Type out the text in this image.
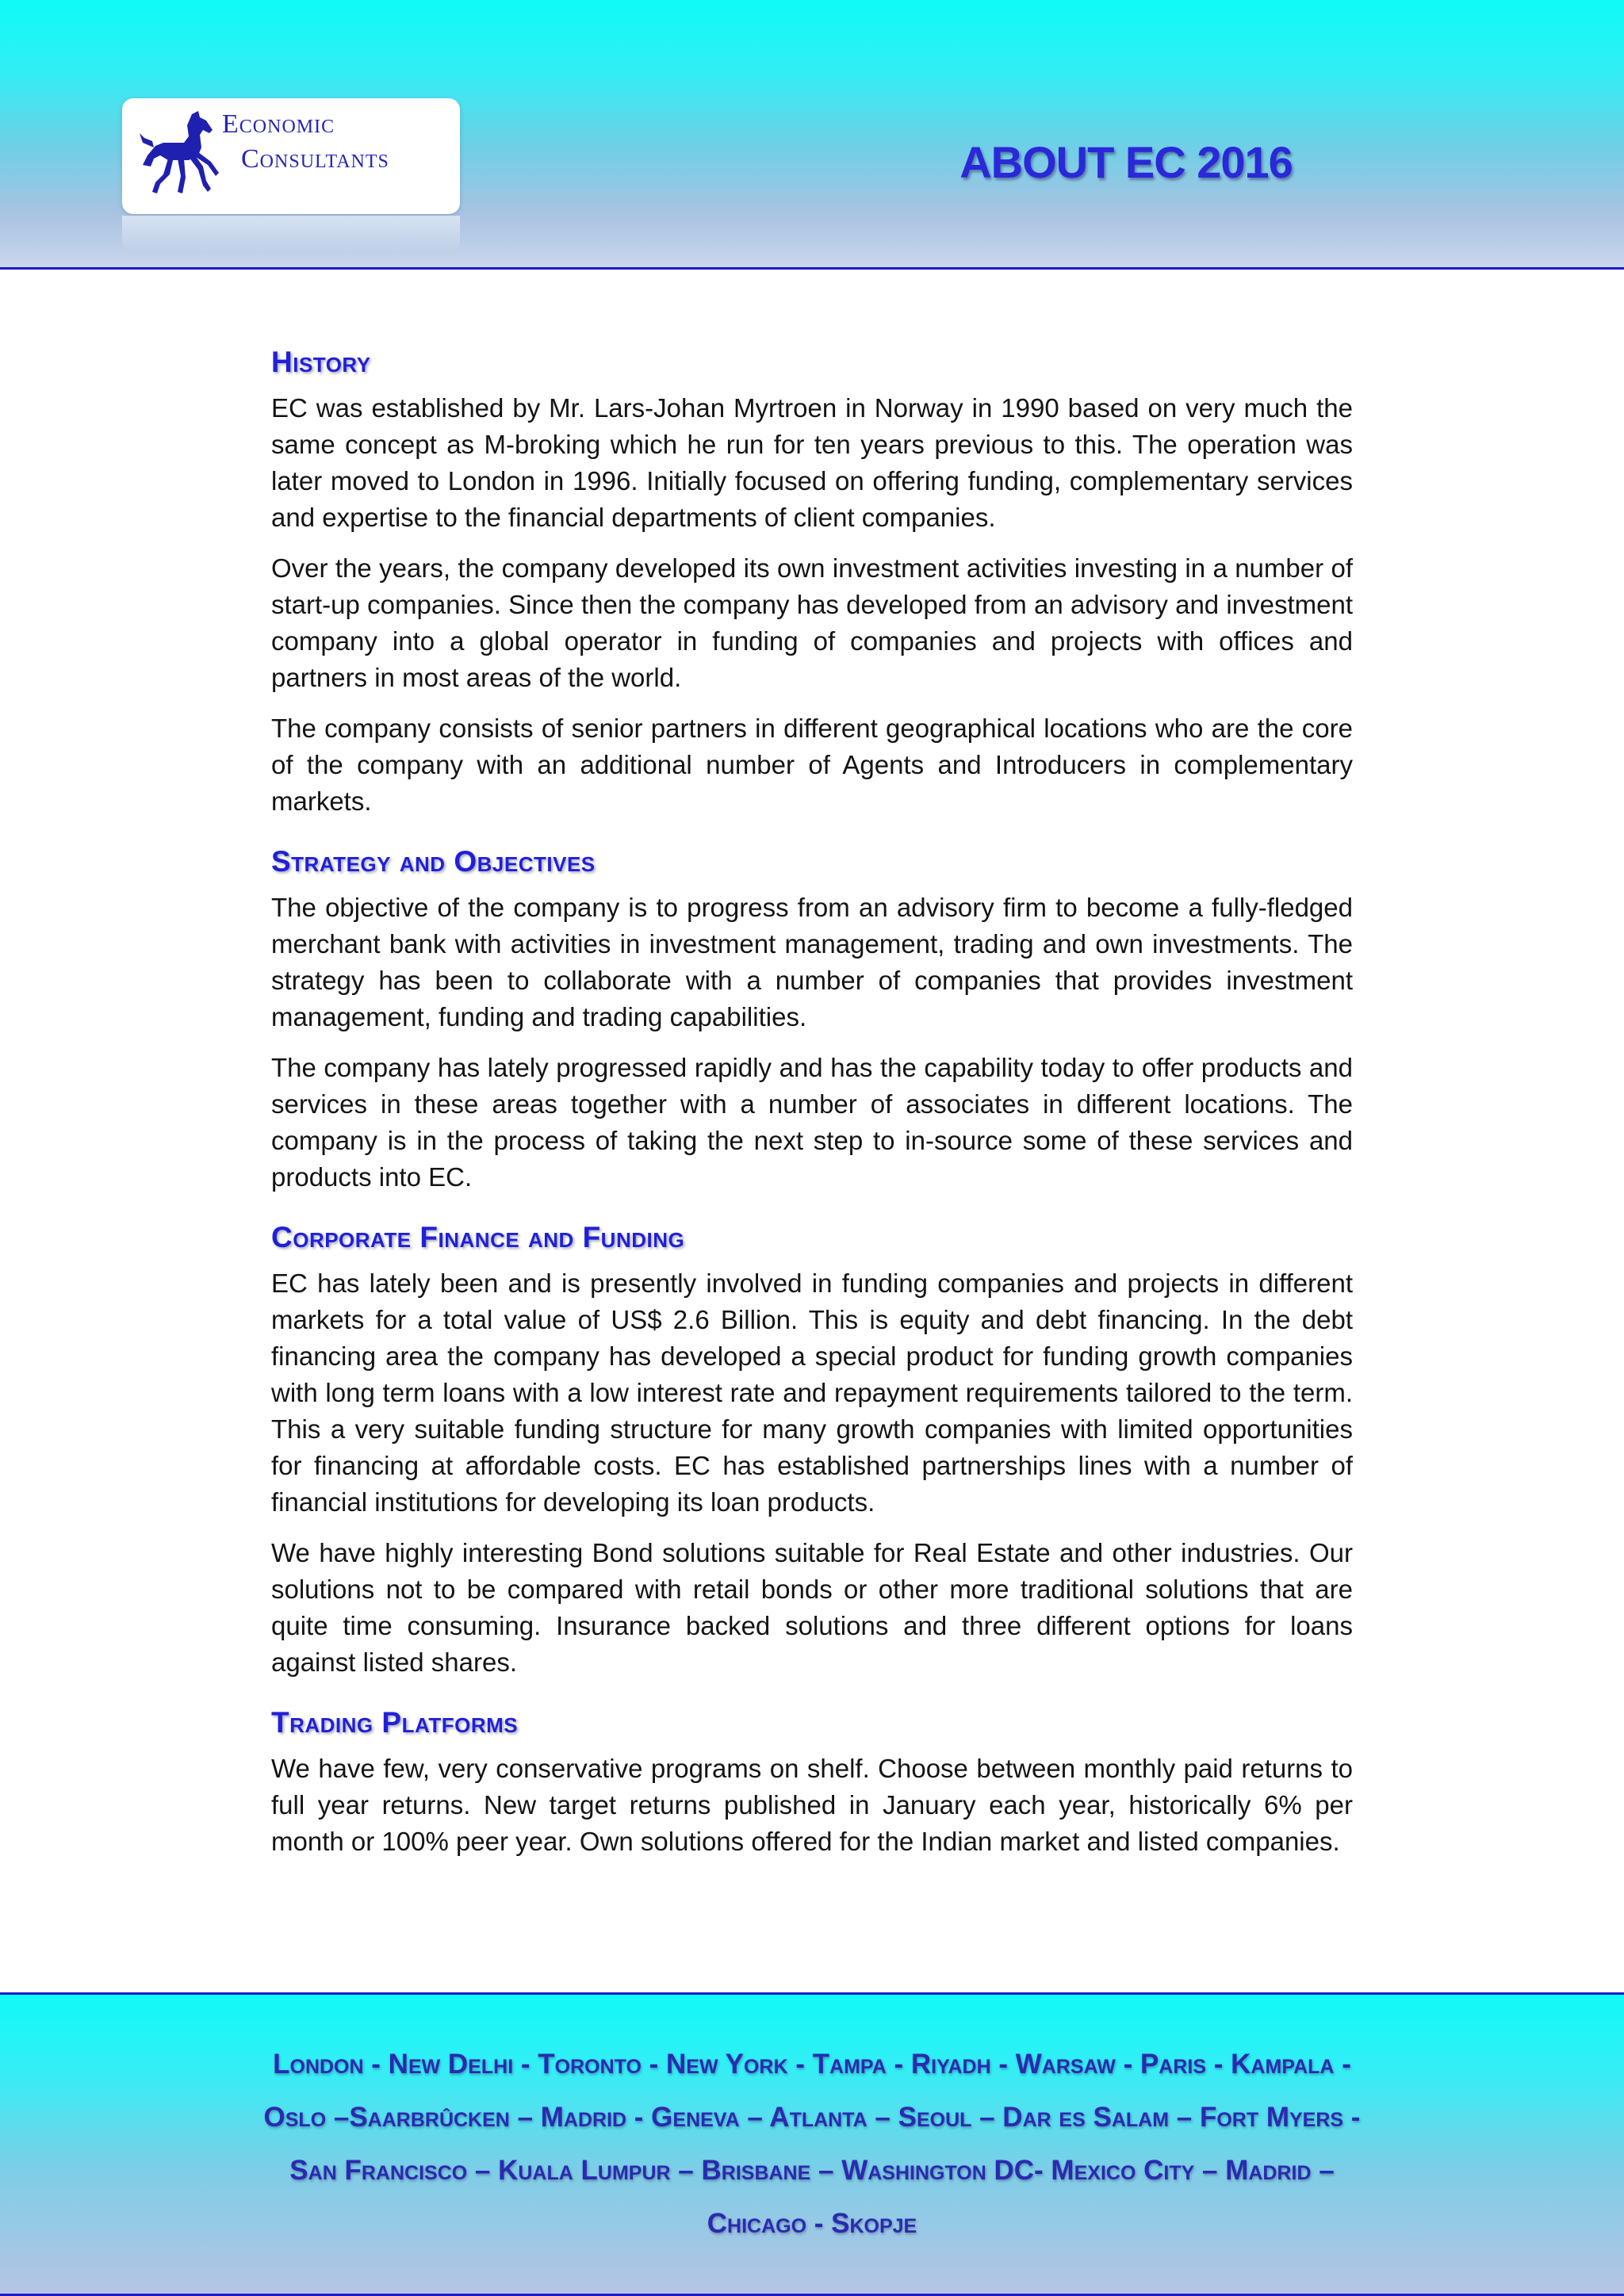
Economic
Consultants	ABOUT EC 2016
History

EC was established by Mr. Lars-Johan Myrtroen in Norway in 1990 based on very much the same concept as M-broking which he run for ten years previous to this. The operation was later moved to London in 1996. Initially focused on offering funding, complementary services and expertise to the financial departments of client companies.

Over the years, the company developed its own investment activities investing in a number of start-up companies. Since then the company has developed from an advisory and investment company into a global operator in funding of companies and projects with offices and partners in most areas of the world.

The company consists of senior partners in different geographical locations who are the core of the company with an additional number of Agents and Introducers in complementary markets.

Strategy and Objectives

The objective of the company is to progress from an advisory firm to become a fully-fledged merchant bank with activities in investment management, trading and own investments. The strategy has been to collaborate with a number of companies that provides investment management, funding and trading capabilities.

The company has lately progressed rapidly and has the capability today to offer products and services in these areas together with a number of associates in different locations. The company is in the process of taking the next step to in-source some of these services and products into EC.

Corporate Finance and Funding

EC has lately been and is presently involved in funding companies and projects in different markets for a total value of US$ 2.6 Billion. This is equity and debt financing. In the debt financing area the company has developed a special product for funding growth companies with long term loans with a low interest rate and repayment requirements tailored to the term. This a very suitable funding structure for many growth companies with limited opportunities for financing at affordable costs. EC has established partnerships lines with a number of financial institutions for developing its loan products.

We have highly interesting Bond solutions suitable for Real Estate and other industries. Our solutions not to be compared with retail bonds or other more traditional solutions that are quite time consuming. Insurance backed solutions and three different options for loans against listed shares.

Trading Platforms

We have few, very conservative programs on shelf. Choose between monthly paid returns to full year returns. New target returns published in January each year, historically 6% per month or 100% peer year. Own solutions offered for the Indian market and listed companies.

London - New Delhi - Toronto - New York - Tampa - Riyadh - Warsaw - Paris - Kampala - Oslo –Saarbrûcken – Madrid - Geneva – Atlanta – Seoul – Dar es Salam – Fort Myers - San Francisco – Kuala Lumpur – Brisbane – Washington DC- Mexico City – Madrid – Chicago - Skopje
